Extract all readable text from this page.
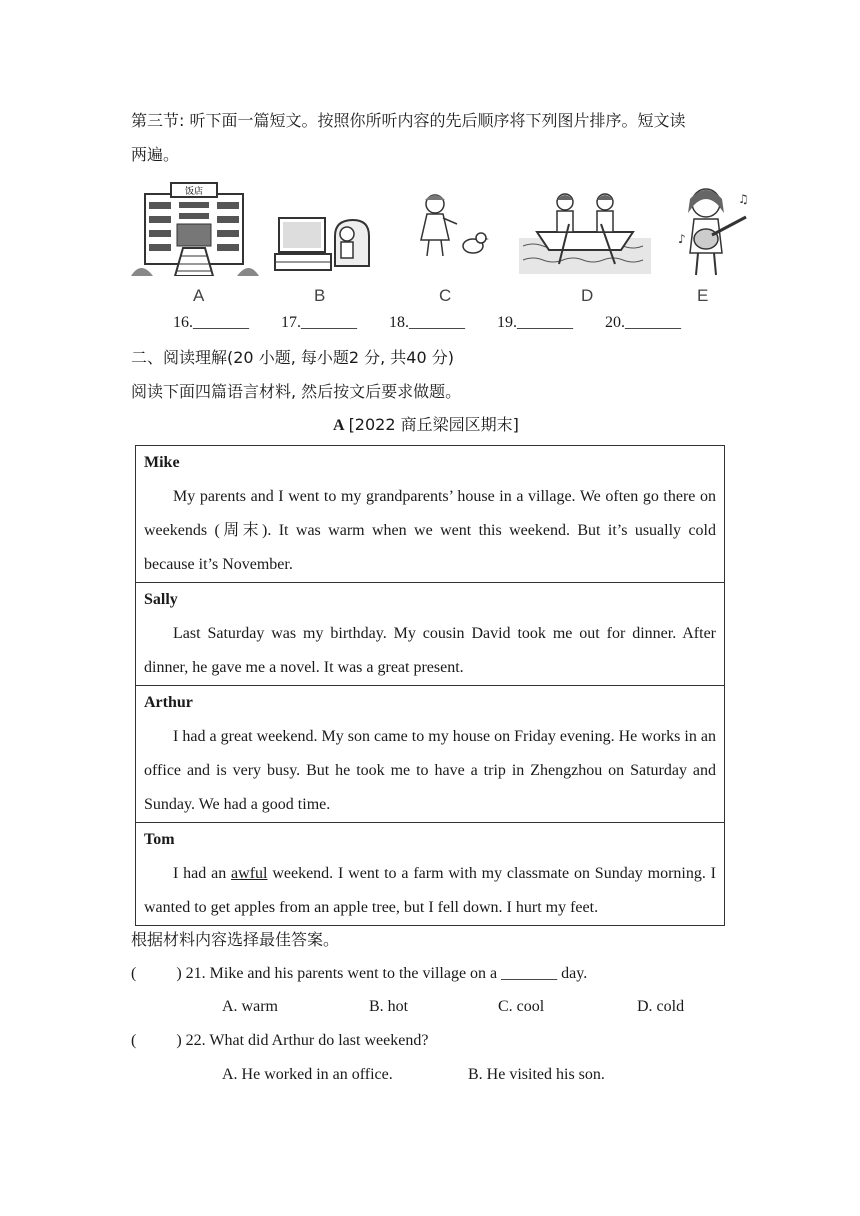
第三节: 听下面一篇短文。按照你所听内容的先后顺序将下列图片排序。短文读
两遍。
饭店
♪
♫
A	B	C	D	E
16._______ 17._______ 18._______ 19._______ 20._______
二、阅读理解(20 小题, 每小题2 分, 共40 分)
阅读下面四篇语言材料, 然后按文后要求做题。
A [2022 商丘梁园区期末]
Mike
My parents and I went to my grandparents’ house in a village. We often go there on weekends (周末). It was warm when we went this weekend. But it’s usually cold because it’s November.

Sally
Last Saturday was my birthday. My cousin David took me out for dinner. After dinner, he gave me a novel. It was a great present.

Arthur
I had a great weekend. My son came to my house on Friday evening. He works in an office and is very busy. But he took me to have a trip in Zhengzhou on Saturday and Sunday. We had a good time.

Tom
I had an awful weekend. I went to a farm with my classmate on Sunday morning. I wanted to get apples from an apple tree, but I fell down. I hurt my feet.
根据材料内容选择最佳答案。
(          ) 21. Mike and his parents went to the village on a _______ day.
A. warm	B. hot	C. cool	D. cold
(          ) 22. What did Arthur do last weekend?
A. He worked in an office.	B. He visited his son.
